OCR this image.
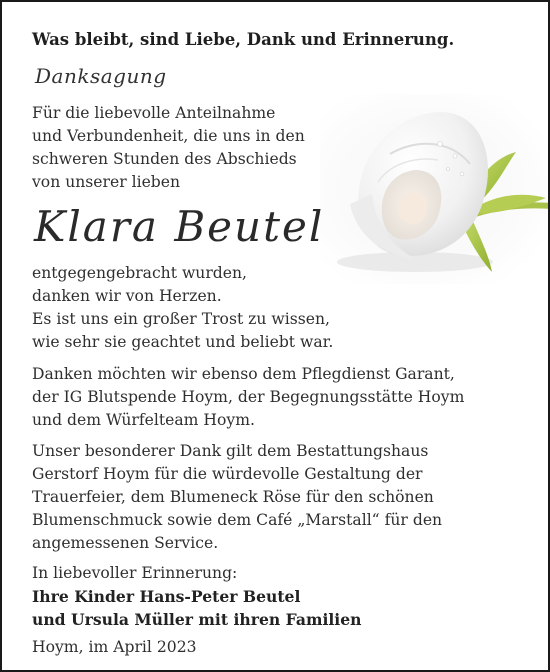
Was bleibt, sind Liebe, Dank und Erinnerung.
Danksagung
Für die liebevolle Anteilnahme
und Verbundenheit, die uns in den
schweren Stunden des Abschieds
von unserer lieben
Klara Beutel
entgegengebracht wurden,
danken wir von Herzen.
Es ist uns ein großer Trost zu wissen,
wie sehr sie geachtet und beliebt war.
Danken möchten wir ebenso dem Pflegdienst Garant,
der IG Blutspende Hoym, der Begegnungsstätte Hoym
und dem Würfelteam Hoym.
Unser besonderer Dank gilt dem Bestattungshaus
Gerstorf Hoym für die würdevolle Gestaltung der
Trauerfeier, dem Blumeneck Röse für den schönen
Blumenschmuck sowie dem Café „Marstall“ für den
angemessenen Service.
In liebevoller Erinnerung:
Ihre Kinder Hans-Peter Beutel
und Ursula Müller mit ihren Familien
Hoym, im April 2023
